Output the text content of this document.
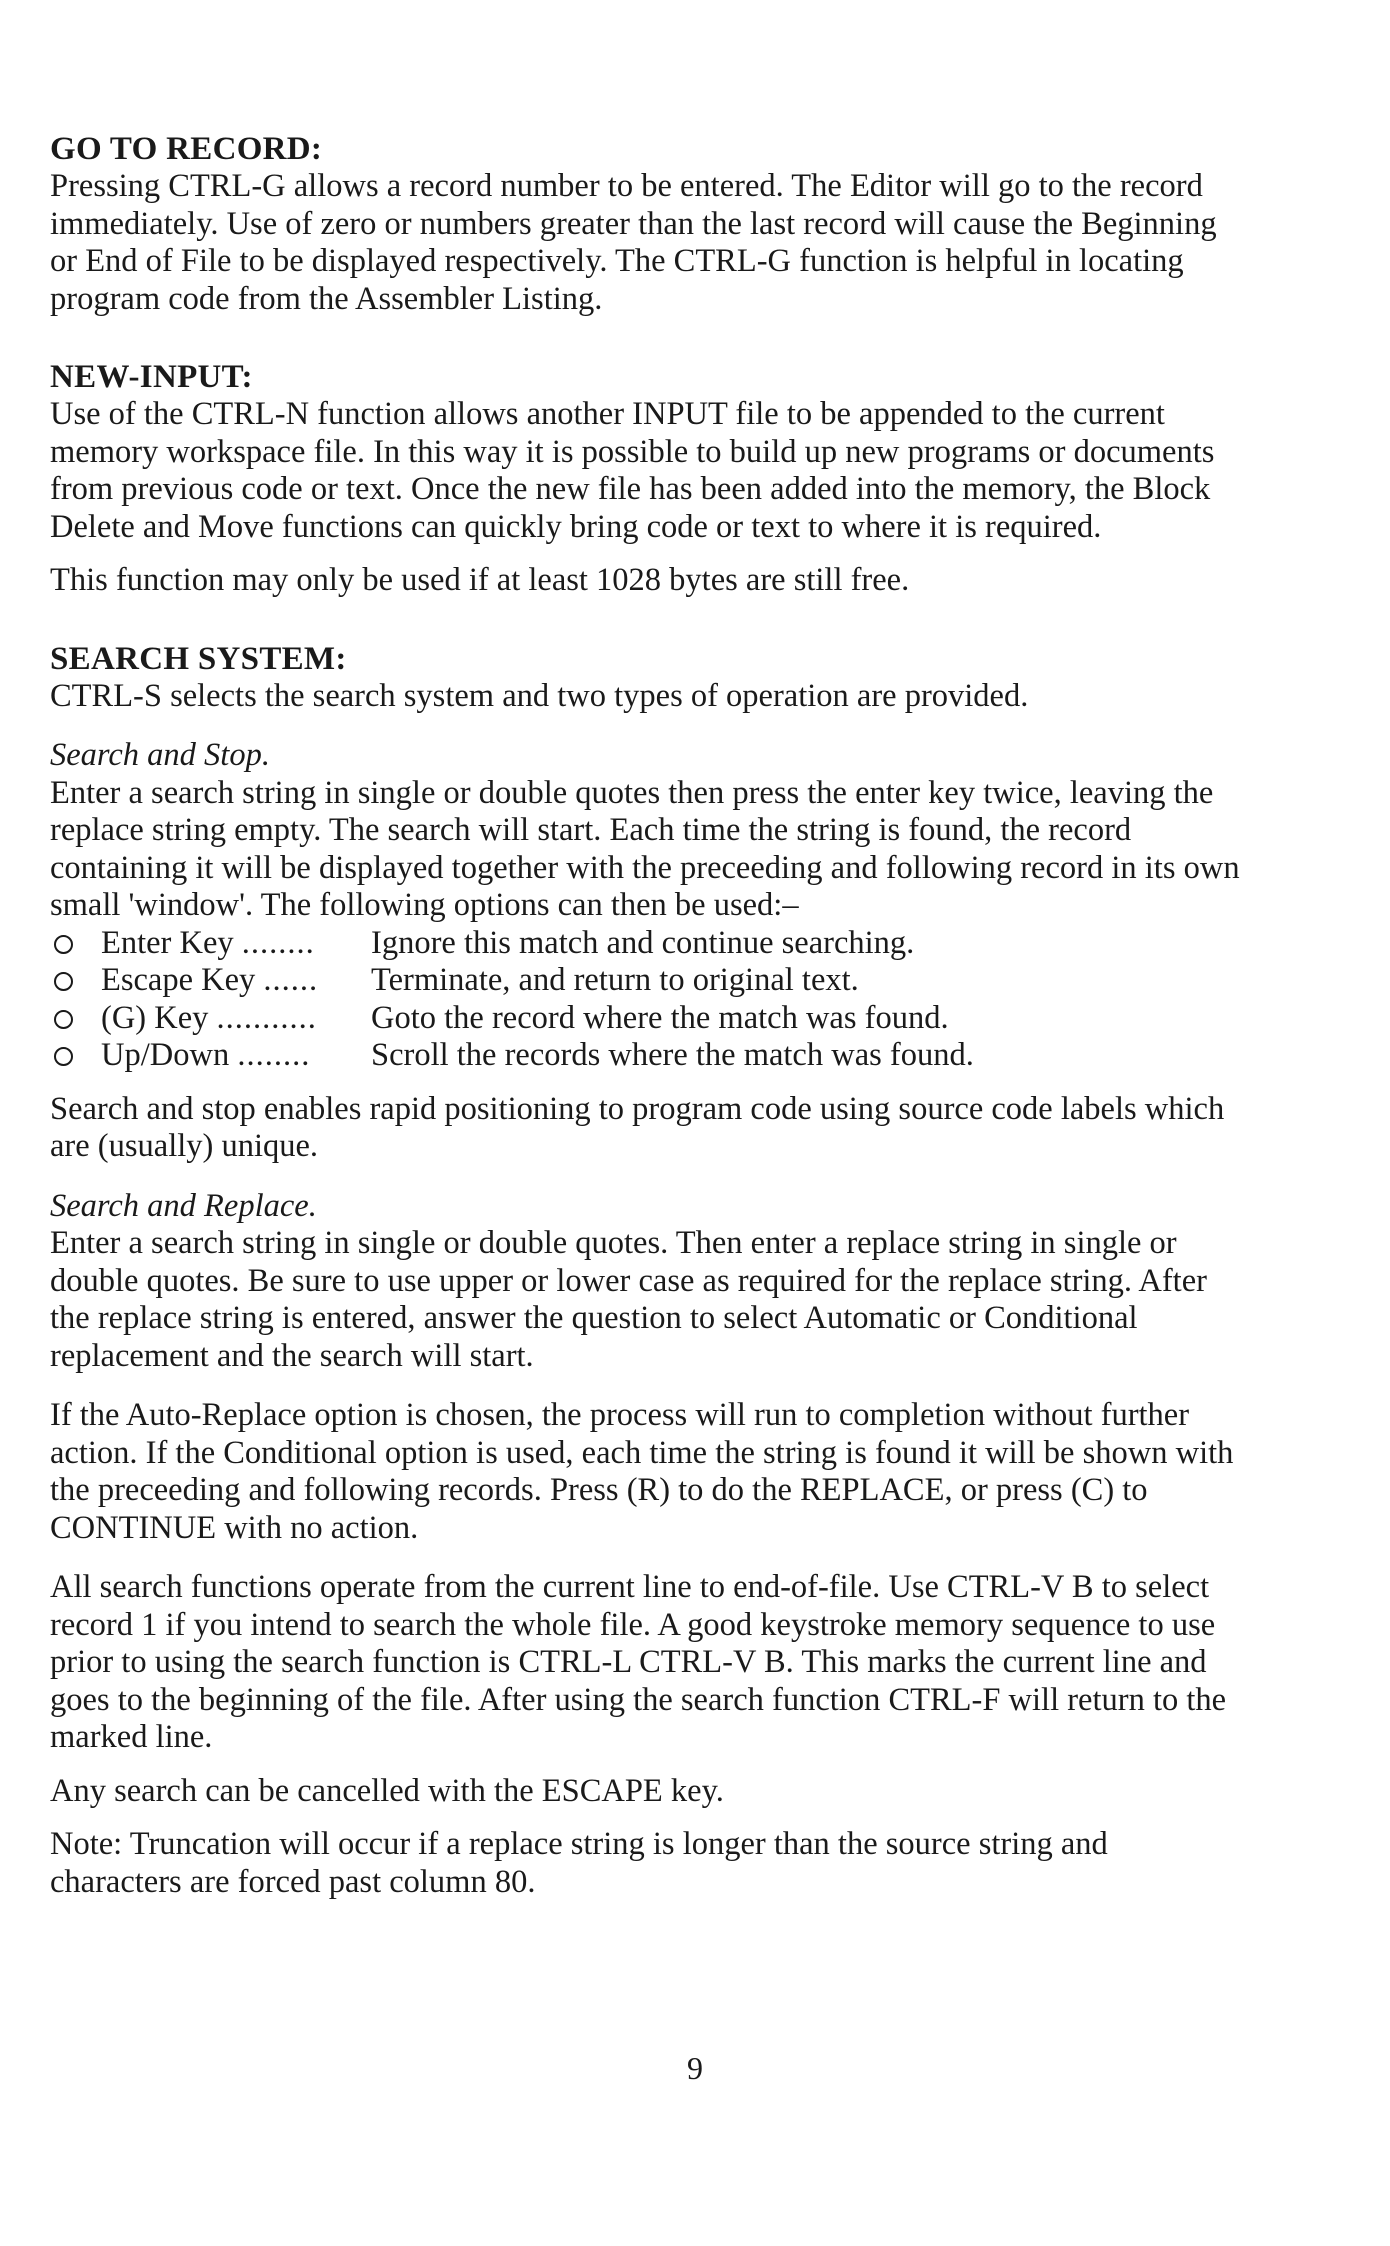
GO TO RECORD:

Pressing CTRL-G allows a record number to be entered. The Editor will go to the record immediately. Use of zero or numbers greater than the last record will cause the Beginning or End of File to be displayed respectively. The CTRL-G function is helpful in locating program code from the Assembler Listing.

NEW-INPUT:

Use of the CTRL-N function allows another INPUT file to be appended to the current memory workspace file. In this way it is possible to build up new programs or documents from previous code or text. Once the new file has been added into the memory, the Block Delete and Move functions can quickly bring code or text to where it is required.

This function may only be used if at least 1028 bytes are still free.

SEARCH SYSTEM:

CTRL-S selects the search system and two types of operation are provided.

Search and Stop.

Enter a search string in single or double quotes then press the enter key twice, leaving the replace string empty. The search will start. Each time the string is found, the record containing it will be displayed together with the preceeding and following record in its own small 'window'. The following options can then be used:–

Enter Key ........	Ignore this match and continue searching.
Escape Key ......	Terminate, and return to original text.
(G) Key ...........	Goto the record where the match was found.
Up/Down ........	Scroll the records where the match was found.

Search and stop enables rapid positioning to program code using source code labels which are (usually) unique.

Search and Replace.

Enter a search string in single or double quotes. Then enter a replace string in single or double quotes. Be sure to use upper or lower case as required for the replace string. After the replace string is entered, answer the question to select Automatic or Conditional replacement and the search will start.

If the Auto-Replace option is chosen, the process will run to completion without further action. If the Conditional option is used, each time the string is found it will be shown with the preceeding and following records. Press (R) to do the REPLACE, or press (C) to CONTINUE with no action.

All search functions operate from the current line to end-of-file. Use CTRL-V B to select record 1 if you intend to search the whole file. A good keystroke memory sequence to use prior to using the search function is CTRL-L CTRL-V B. This marks the current line and goes to the beginning of the file. After using the search function CTRL-F will return to the marked line.

Any search can be cancelled with the ESCAPE key.

Note: Truncation will occur if a replace string is longer than the source string and characters are forced past column 80.

9
